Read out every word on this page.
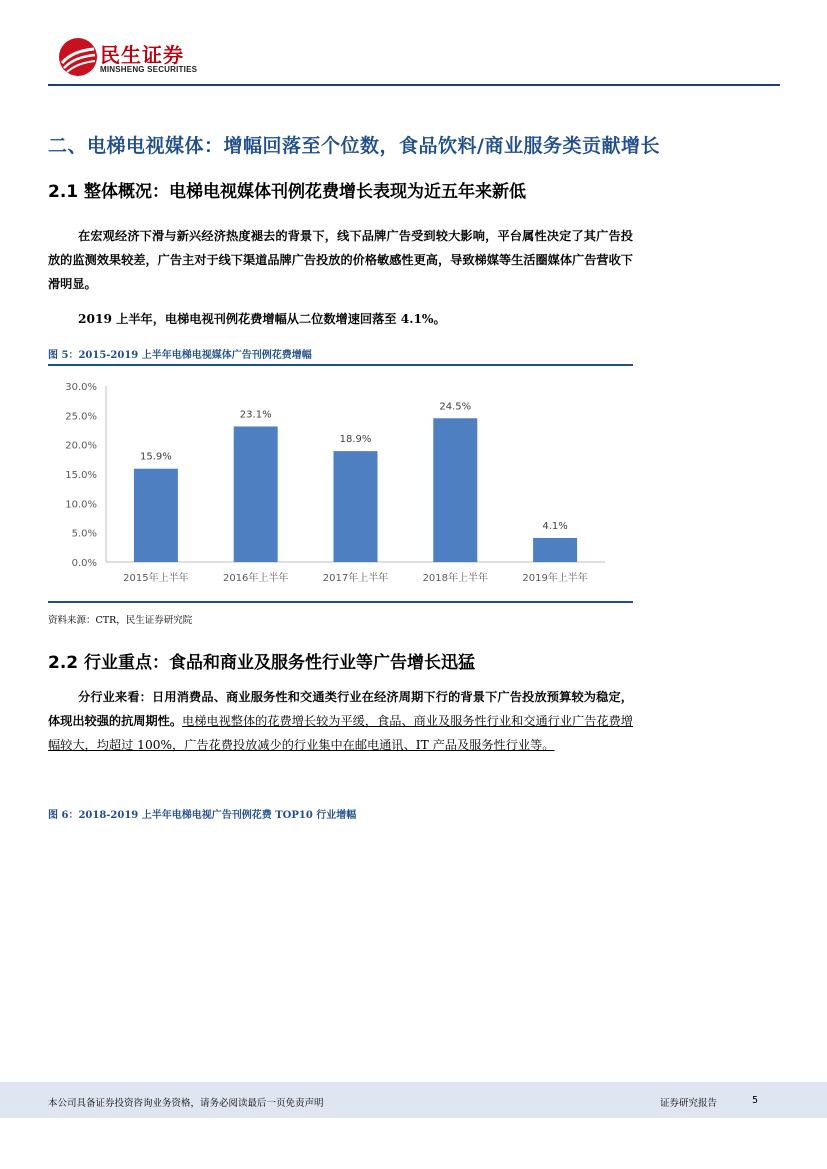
民生证券
MINSHENG SECURITIES
二、电梯电视媒体：增幅回落至个位数，食品饮料/商业服务类贡献增长
2.1 整体概况：电梯电视媒体刊例花费增长表现为近五年来新低

在宏观经济下滑与新兴经济热度褪去的背景下，线下品牌广告受到较大影响，平台属性决定了其广告投放的监测效果较差，广告主对于线下渠道品牌广告投放的价格敏感性更高，导致梯媒等生活圈媒体广告营收下滑明显。

2019 上半年，电梯电视刊例花费增幅从二位数增速回落至 4.1%。

图 5：2015-2019 上半年电梯电视媒体广告刊例花费增幅
0.0%
5.0%
10.0%
15.0%
20.0%
25.0%
30.0%
15.9%
2015年上半年
23.1%
2016年上半年
18.9%
2017年上半年
24.5%
2018年上半年
4.1%
2019年上半年
资料来源：CTR，民生证券研究院
2.2 行业重点：食品和商业及服务性行业等广告增长迅猛

分行业来看：日用消费品、商业服务性和交通类行业在经济周期下行的背景下广告投放预算较为稳定，体现出较强的抗周期性。电梯电视整体的花费增长较为平缓，食品、商业及服务性行业和交通行业广告花费增幅较大，均超过 100%，广告花费投放减少的行业集中在邮电通讯、IT 产品及服务性行业等。

图 6：2018-2019 上半年电梯电视广告刊例花费 TOP10 行业增幅
本公司具备证券投资咨询业务资格，请务必阅读最后一页免责声明	证券研究报告	5
